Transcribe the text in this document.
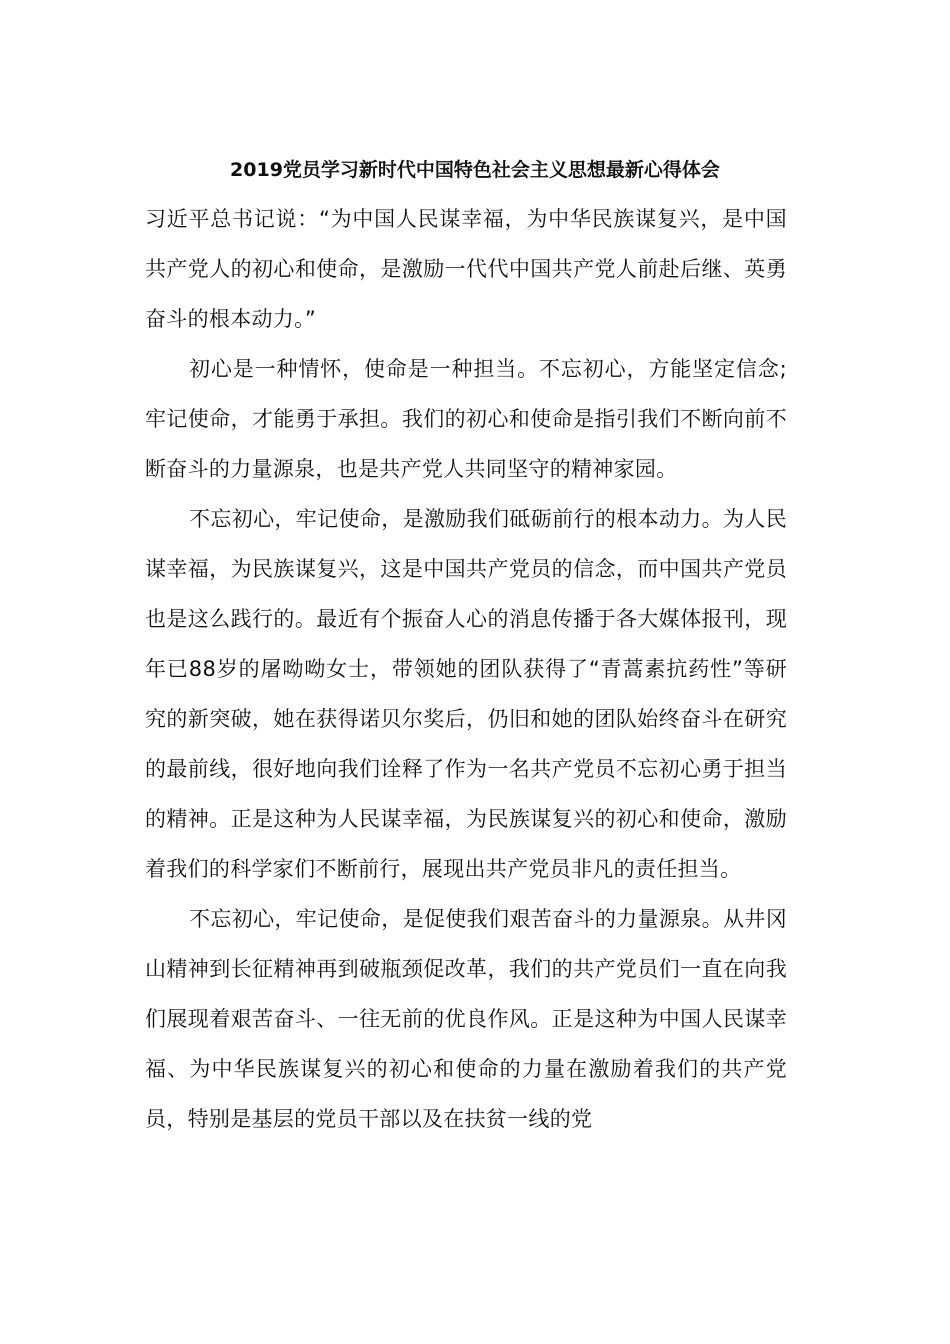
2019党员学习新时代中国特色社会主义思想最新心得体会

习近平总书记说：“为中国人民谋幸福，为中华民族谋复兴，是中国共产党人的初心和使命，是激励一代代中国共产党人前赴后继、英勇奋斗的根本动力。”

初心是一种情怀，使命是一种担当。不忘初心，方能坚定信念;牢记使命，才能勇于承担。我们的初心和使命是指引我们不断向前不断奋斗的力量源泉，也是共产党人共同坚守的精神家园。

不忘初心，牢记使命，是激励我们砥砺前行的根本动力。为人民谋幸福，为民族谋复兴，这是中国共产党员的信念，而中国共产党员也是这么践行的。最近有个振奋人心的消息传播于各大媒体报刊，现年已88岁的屠呦呦女士，带领她的团队获得了“青蒿素抗药性”等研究的新突破，她在获得诺贝尔奖后，仍旧和她的团队始终奋斗在研究的最前线，很好地向我们诠释了作为一名共产党员不忘初心勇于担当的精神。正是这种为人民谋幸福，为民族谋复兴的初心和使命，激励着我们的科学家们不断前行，展现出共产党员非凡的责任担当。

不忘初心，牢记使命，是促使我们艰苦奋斗的力量源泉。从井冈山精神到长征精神再到破瓶颈促改革，我们的共产党员们一直在向我们展现着艰苦奋斗、一往无前的优良作风。正是这种为中国人民谋幸福、为中华民族谋复兴的初心和使命的力量在激励着我们的共产党员，特别是基层的党员干部以及在扶贫一线的党
